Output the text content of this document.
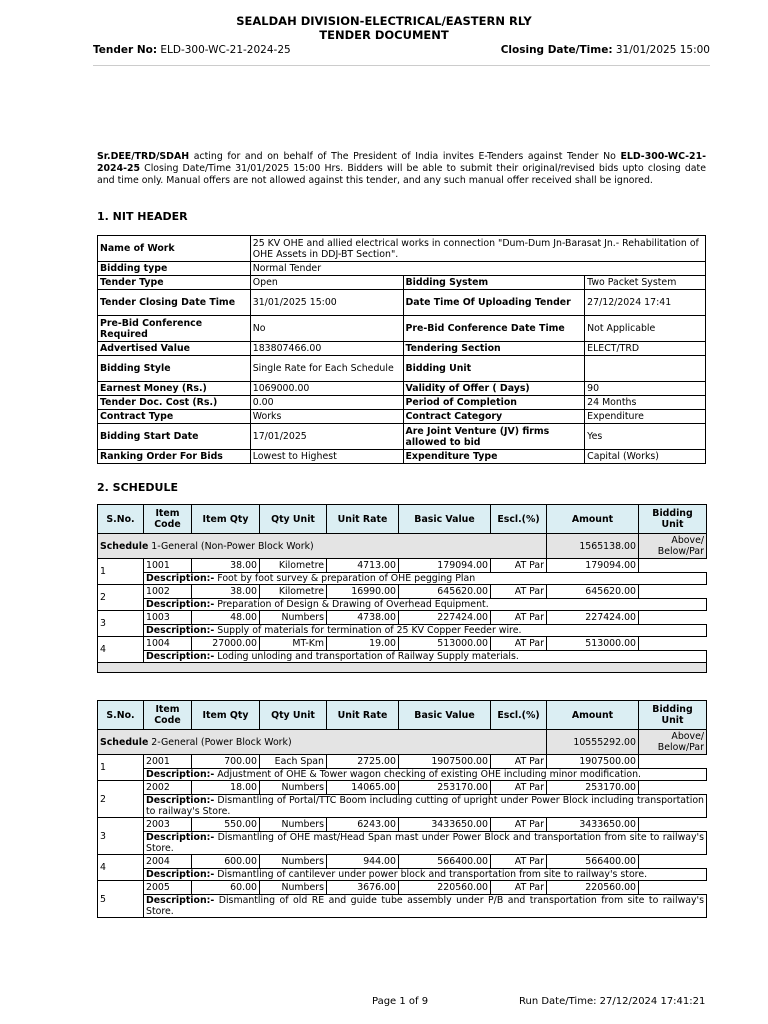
SEALDAH DIVISION-ELECTRICAL/EASTERN RLY
TENDER DOCUMENT
Tender No: ELD-300-WC-21-2024-25	Closing Date/Time: 31/01/2025 15:00
Sr.DEE/TRD/SDAH acting for and on behalf of The President of India invites E-Tenders against Tender No ELD-300-WC-21-2024-25 Closing Date/Time 31/01/2025 15:00 Hrs. Bidders will be able to submit their original/revised bids upto closing date and time only. Manual offers are not allowed against this tender, and any such manual offer received shall be ignored.
1. NIT HEADER
Name of Work	25 KV OHE and allied electrical works in connection "Dum-Dum Jn-Barasat Jn.- Rehabilitation of OHE Assets in DDJ-BT Section".		
Bidding type	Normal Tender		
Tender Type	Open	Bidding System	Two Packet System
Tender Closing Date Time	31/01/2025 15:00	Date Time Of Uploading Tender	27/12/2024 17:41
Pre-Bid Conference Required	No	Pre-Bid Conference Date Time	Not Applicable
Advertised Value	183807466.00	Tendering Section	ELECT/TRD
Bidding Style	Single Rate for Each Schedule	Bidding Unit	
Earnest Money (Rs.)	1069000.00	Validity of Offer ( Days)	90
Tender Doc. Cost (Rs.)	0.00	Period of Completion	24 Months
Contract Type	Works	Contract Category	Expenditure
Bidding Start Date	17/01/2025	Are Joint Venture (JV) firms allowed to bid	Yes
Ranking Order For Bids	Lowest to Highest	Expenditure Type	Capital (Works)
2. SCHEDULE
S.No.	Item Code	Item Qty	Qty Unit	Unit Rate	Basic Value	Escl.(%)	Amount	Bidding Unit
Schedule 1-General (Non-Power Block Work)							1565138.00	Above/ Below/Par
1	1001	38.00	Kilometre	4713.00	179094.00	AT Par	179094.00	
	Description:- Foot by foot survey & preparation of OHE pegging Plan							
2	1002	38.00	Kilometre	16990.00	645620.00	AT Par	645620.00	
	Description:- Preparation of Design & Drawing of Overhead Equipment.							
3	1003	48.00	Numbers	4738.00	227424.00	AT Par	227424.00	
	Description:- Supply of materials for termination of 25 KV Copper Feeder wire.							
4	1004	27000.00	MT-Km	19.00	513000.00	AT Par	513000.00	
	Description:- Loding unloding and transportation of Railway Supply materials.							

S.No.	Item Code	Item Qty	Qty Unit	Unit Rate	Basic Value	Escl.(%)	Amount	Bidding Unit
Schedule 2-General (Power Block Work)							10555292.00	Above/ Below/Par
1	2001	700.00	Each Span	2725.00	1907500.00	AT Par	1907500.00	
	Description:- Adjustment of OHE & Tower wagon checking of existing OHE including minor modification.							
2	2002	18.00	Numbers	14065.00	253170.00	AT Par	253170.00	
	Description:- Dismantling of Portal/TTC Boom including cutting of upright under Power Block including transportation to railway's Store.							
3	2003	550.00	Numbers	6243.00	3433650.00	AT Par	3433650.00	
	Description:- Dismantling of OHE mast/Head Span mast under Power Block and transportation from site to railway's Store.							
4	2004	600.00	Numbers	944.00	566400.00	AT Par	566400.00	
	Description:- Dismantling of cantilever under power block and transportation from site to railway's store.							
5	2005	60.00	Numbers	3676.00	220560.00	AT Par	220560.00	
	Description:- Dismantling of old RE and guide tube assembly under P/B and transportation from site to railway's Store.							
Page 1 of 9	Run Date/Time: 27/12/2024 17:41:21
